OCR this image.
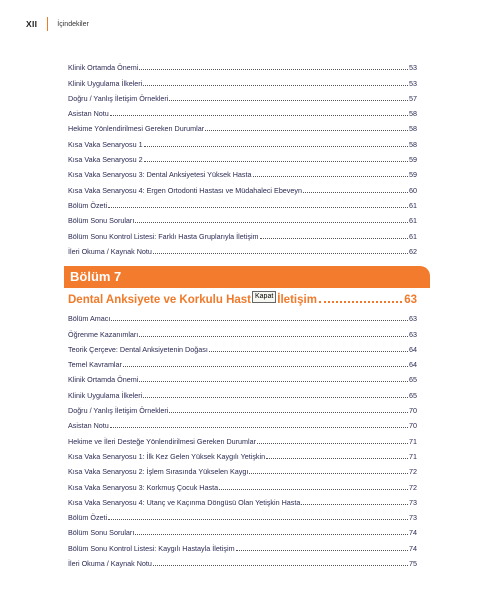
XII	İçindekiler
Klinik Ortamda Önemi	53
Klinik Uygulama İlkeleri	53
Doğru / Yanlış İletişim Örnekleri	57
Asistan Notu	58
Hekime Yönlendirilmesi Gereken Durumlar	58
Kısa Vaka Senaryosu 1	58
Kısa Vaka Senaryosu 2	59
Kısa Vaka Senaryosu 3: Dental Anksiyetesi Yüksek Hasta	59
Kısa Vaka Senaryosu 4: Ergen Ortodonti Hastası ve Müdahaleci Ebeveyn	60
Bölüm Özeti	61
Bölüm Sonu Soruları	61
Bölüm Sonu Kontrol Listesi: Farklı Hasta Gruplarıyla İletişim	61
İleri Okuma / Kaynak Notu	62
Bölüm 7
Dental Anksiyete ve Korkulu Hast Kapat İletişim	63
Bölüm Amacı	63
Öğrenme Kazanımları	63
Teorik Çerçeve: Dental Anksiyetenin Doğası	64
Temel Kavramlar	64
Klinik Ortamda Önemi	65
Klinik Uygulama İlkeleri	65
Doğru / Yanlış İletişim Örnekleri	70
Asistan Notu	70
Hekime ve İleri Desteğe Yönlendirilmesi Gereken Durumlar	71
Kısa Vaka Senaryosu 1: İlk Kez Gelen Yüksek Kaygılı Yetişkin	71
Kısa Vaka Senaryosu 2: İşlem Sırasında Yükselen Kaygı	72
Kısa Vaka Senaryosu 3: Korkmuş Çocuk Hasta	72
Kısa Vaka Senaryosu 4: Utanç ve Kaçınma Döngüsü Olan Yetişkin Hasta	73
Bölüm Özeti	73
Bölüm Sonu Soruları	74
Bölüm Sonu Kontrol Listesi: Kaygılı Hastayla İletişim	74
İleri Okuma / Kaynak Notu	75
